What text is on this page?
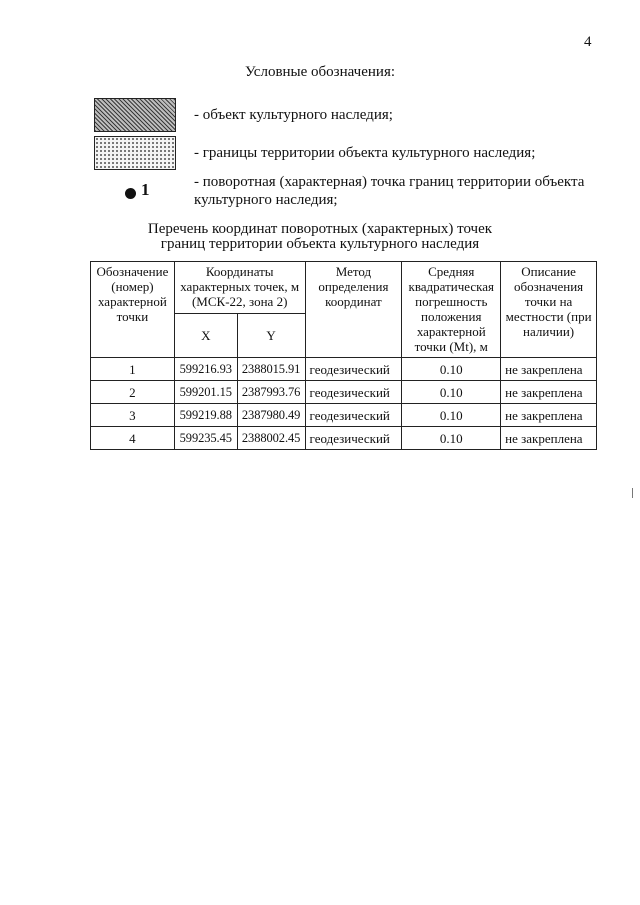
4
Условные обозначения:
- объект культурного наследия;
- границы территории объекта культурного наследия;
1	- поворотная (характерная) точка границ территории объекта культурного наследия;
Перечень координат поворотных (характерных) точек
границ территории объекта культурного наследия
Обозначение (номер) характерной точки	Координаты характерных точек, м (МСК-22, зона 2)		Метод определения координат	Средняя квадратическая погрешность положения характерной точки (Mt), м	Описание обозначения точки на местности (при наличии)
	X	Y			
1	599216.93	2388015.91	геодезический	0.10	не закреплена
2	599201.15	2387993.76	геодезический	0.10	не закреплена
3	599219.88	2387980.49	геодезический	0.10	не закреплена
4	599235.45	2388002.45	геодезический	0.10	не закреплена
